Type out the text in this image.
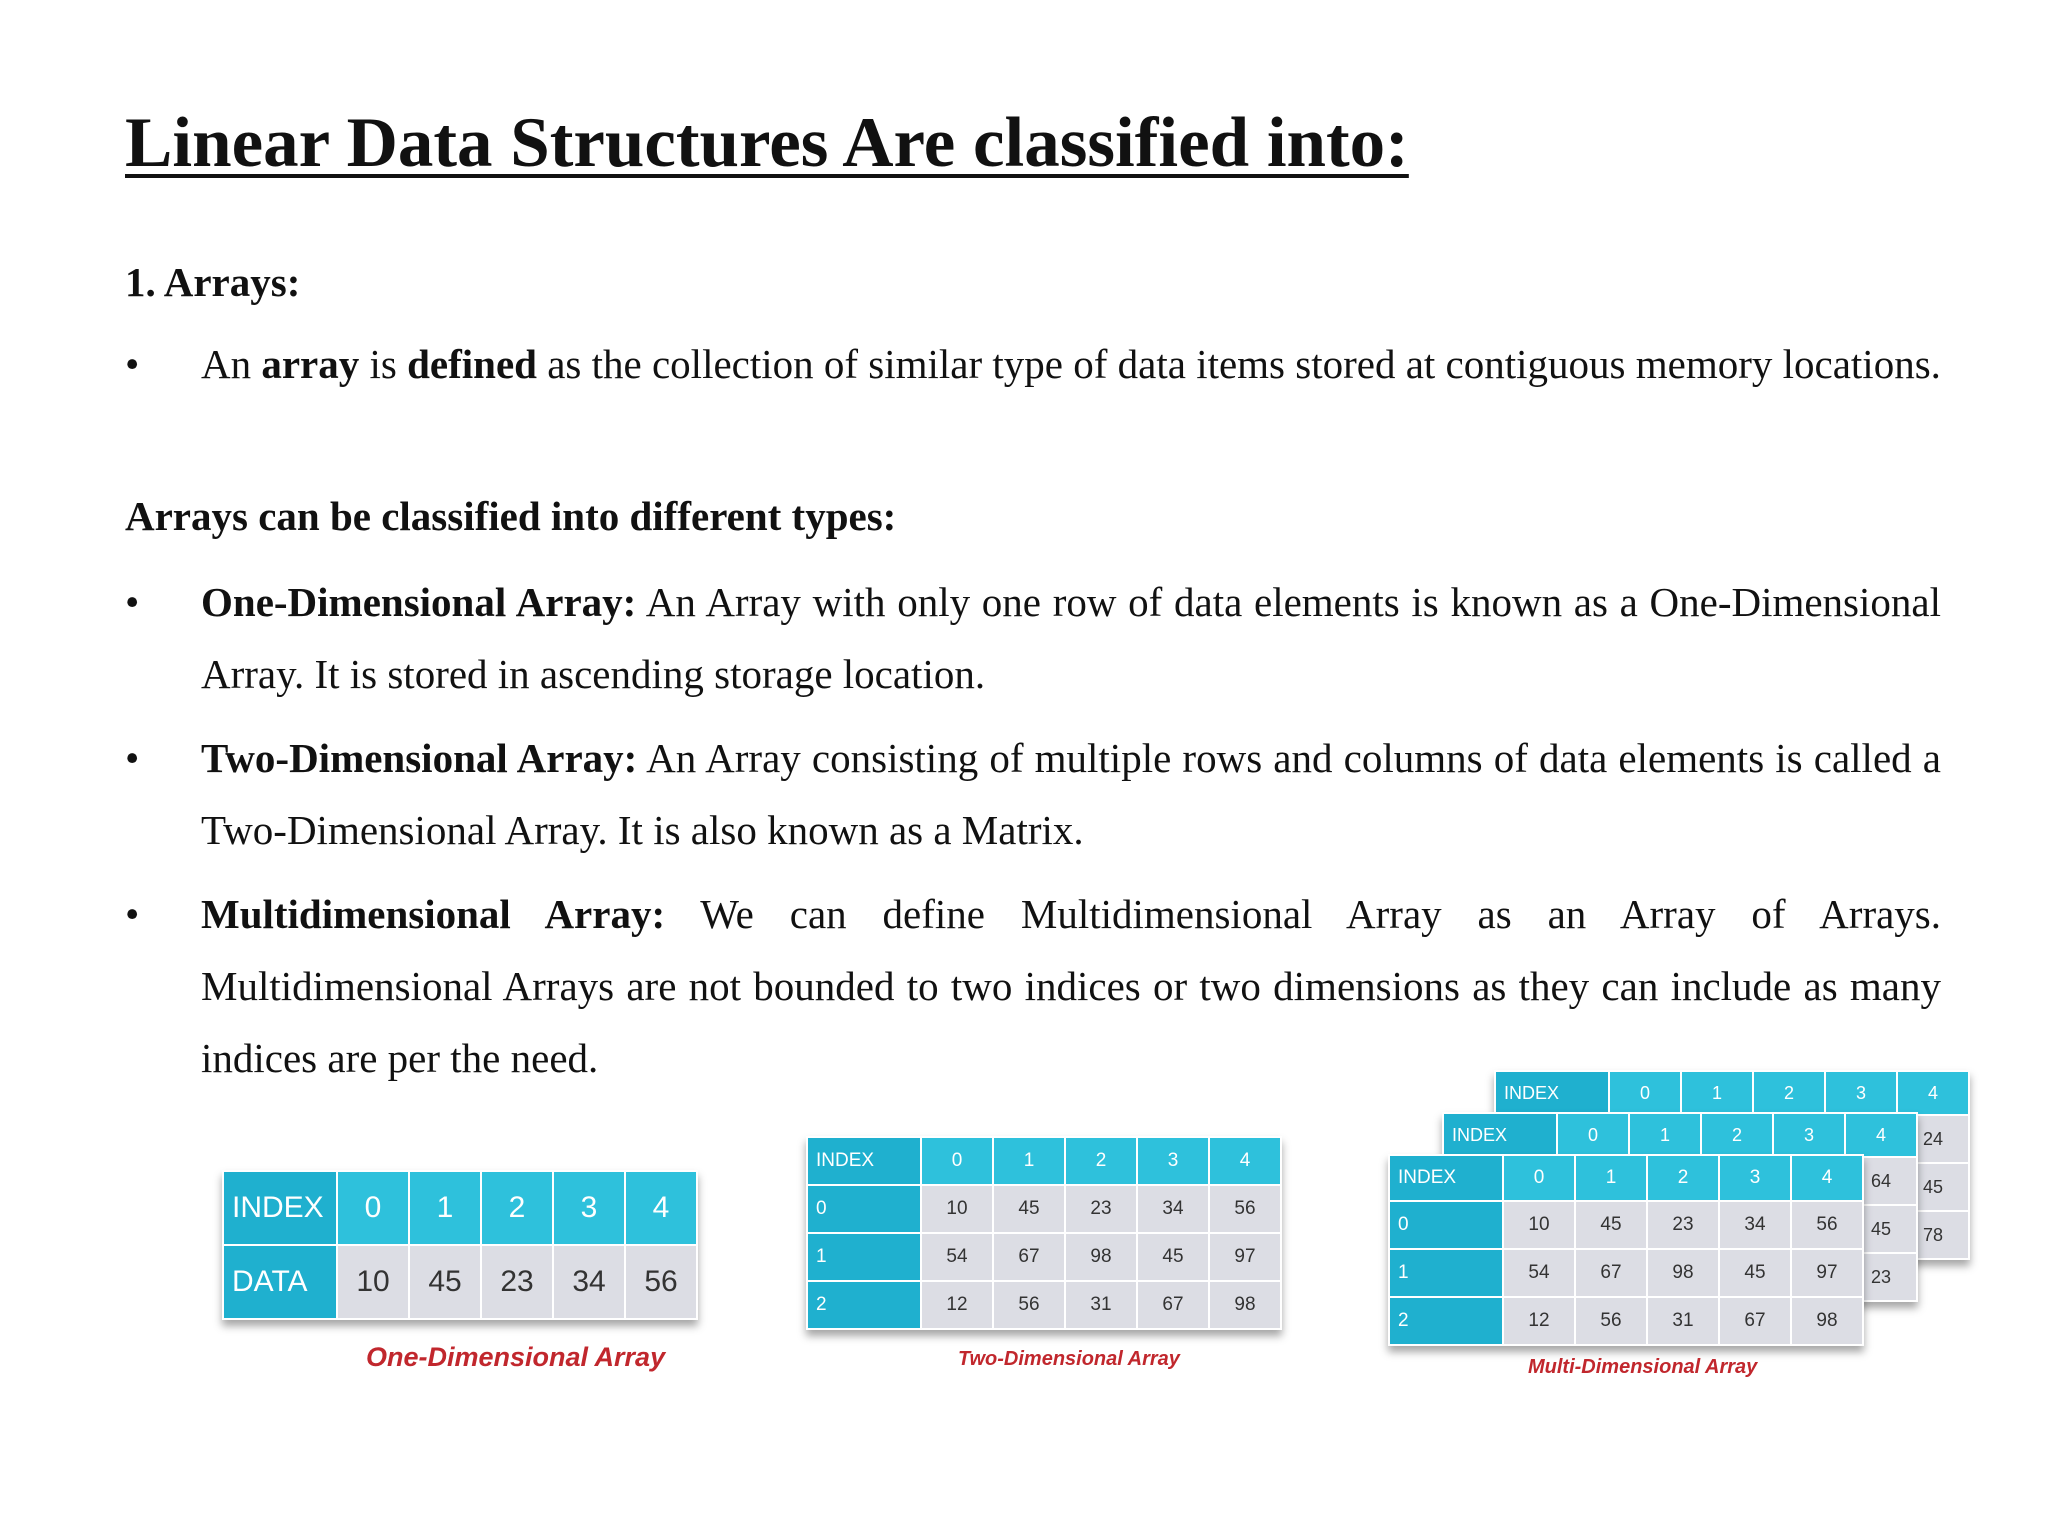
Linear Data Structures Are classified into:
1. Arrays:
•	An array is defined as the collection of similar type of data items stored at contiguous memory locations.
Arrays can be classified into different types:
•	One-Dimensional Array: An Array with only one row of data elements is known as a One-Dimensional Array. It is stored in ascending storage location.
•	Two-Dimensional Array: An Array consisting of multiple rows and columns of data elements is called a Two-Dimensional Array. It is also known as a Matrix.
•	Multidimensional Array: We can define Multidimensional Array as an Array of Arrays. Multidimensional Arrays are not bounded to two indices or two dimensions as they can include as many indices are per the need.
INDEX	0	1	2	3	4
DATA	10	45	23	34	56
One-Dimensional Array
INDEX	0	1	2	3	4
0	10	45	23	34	56
1	54	67	98	45	97
2	12	56	31	67	98
Two-Dimensional Array
INDEX	0	1	2	3	4
					24
					45
					78
INDEX	0	1	2	3	4
					64
					45
					23
INDEX	0	1	2	3	4
0	10	45	23	34	56
1	54	67	98	45	97
2	12	56	31	67	98
Multi-Dimensional Array
